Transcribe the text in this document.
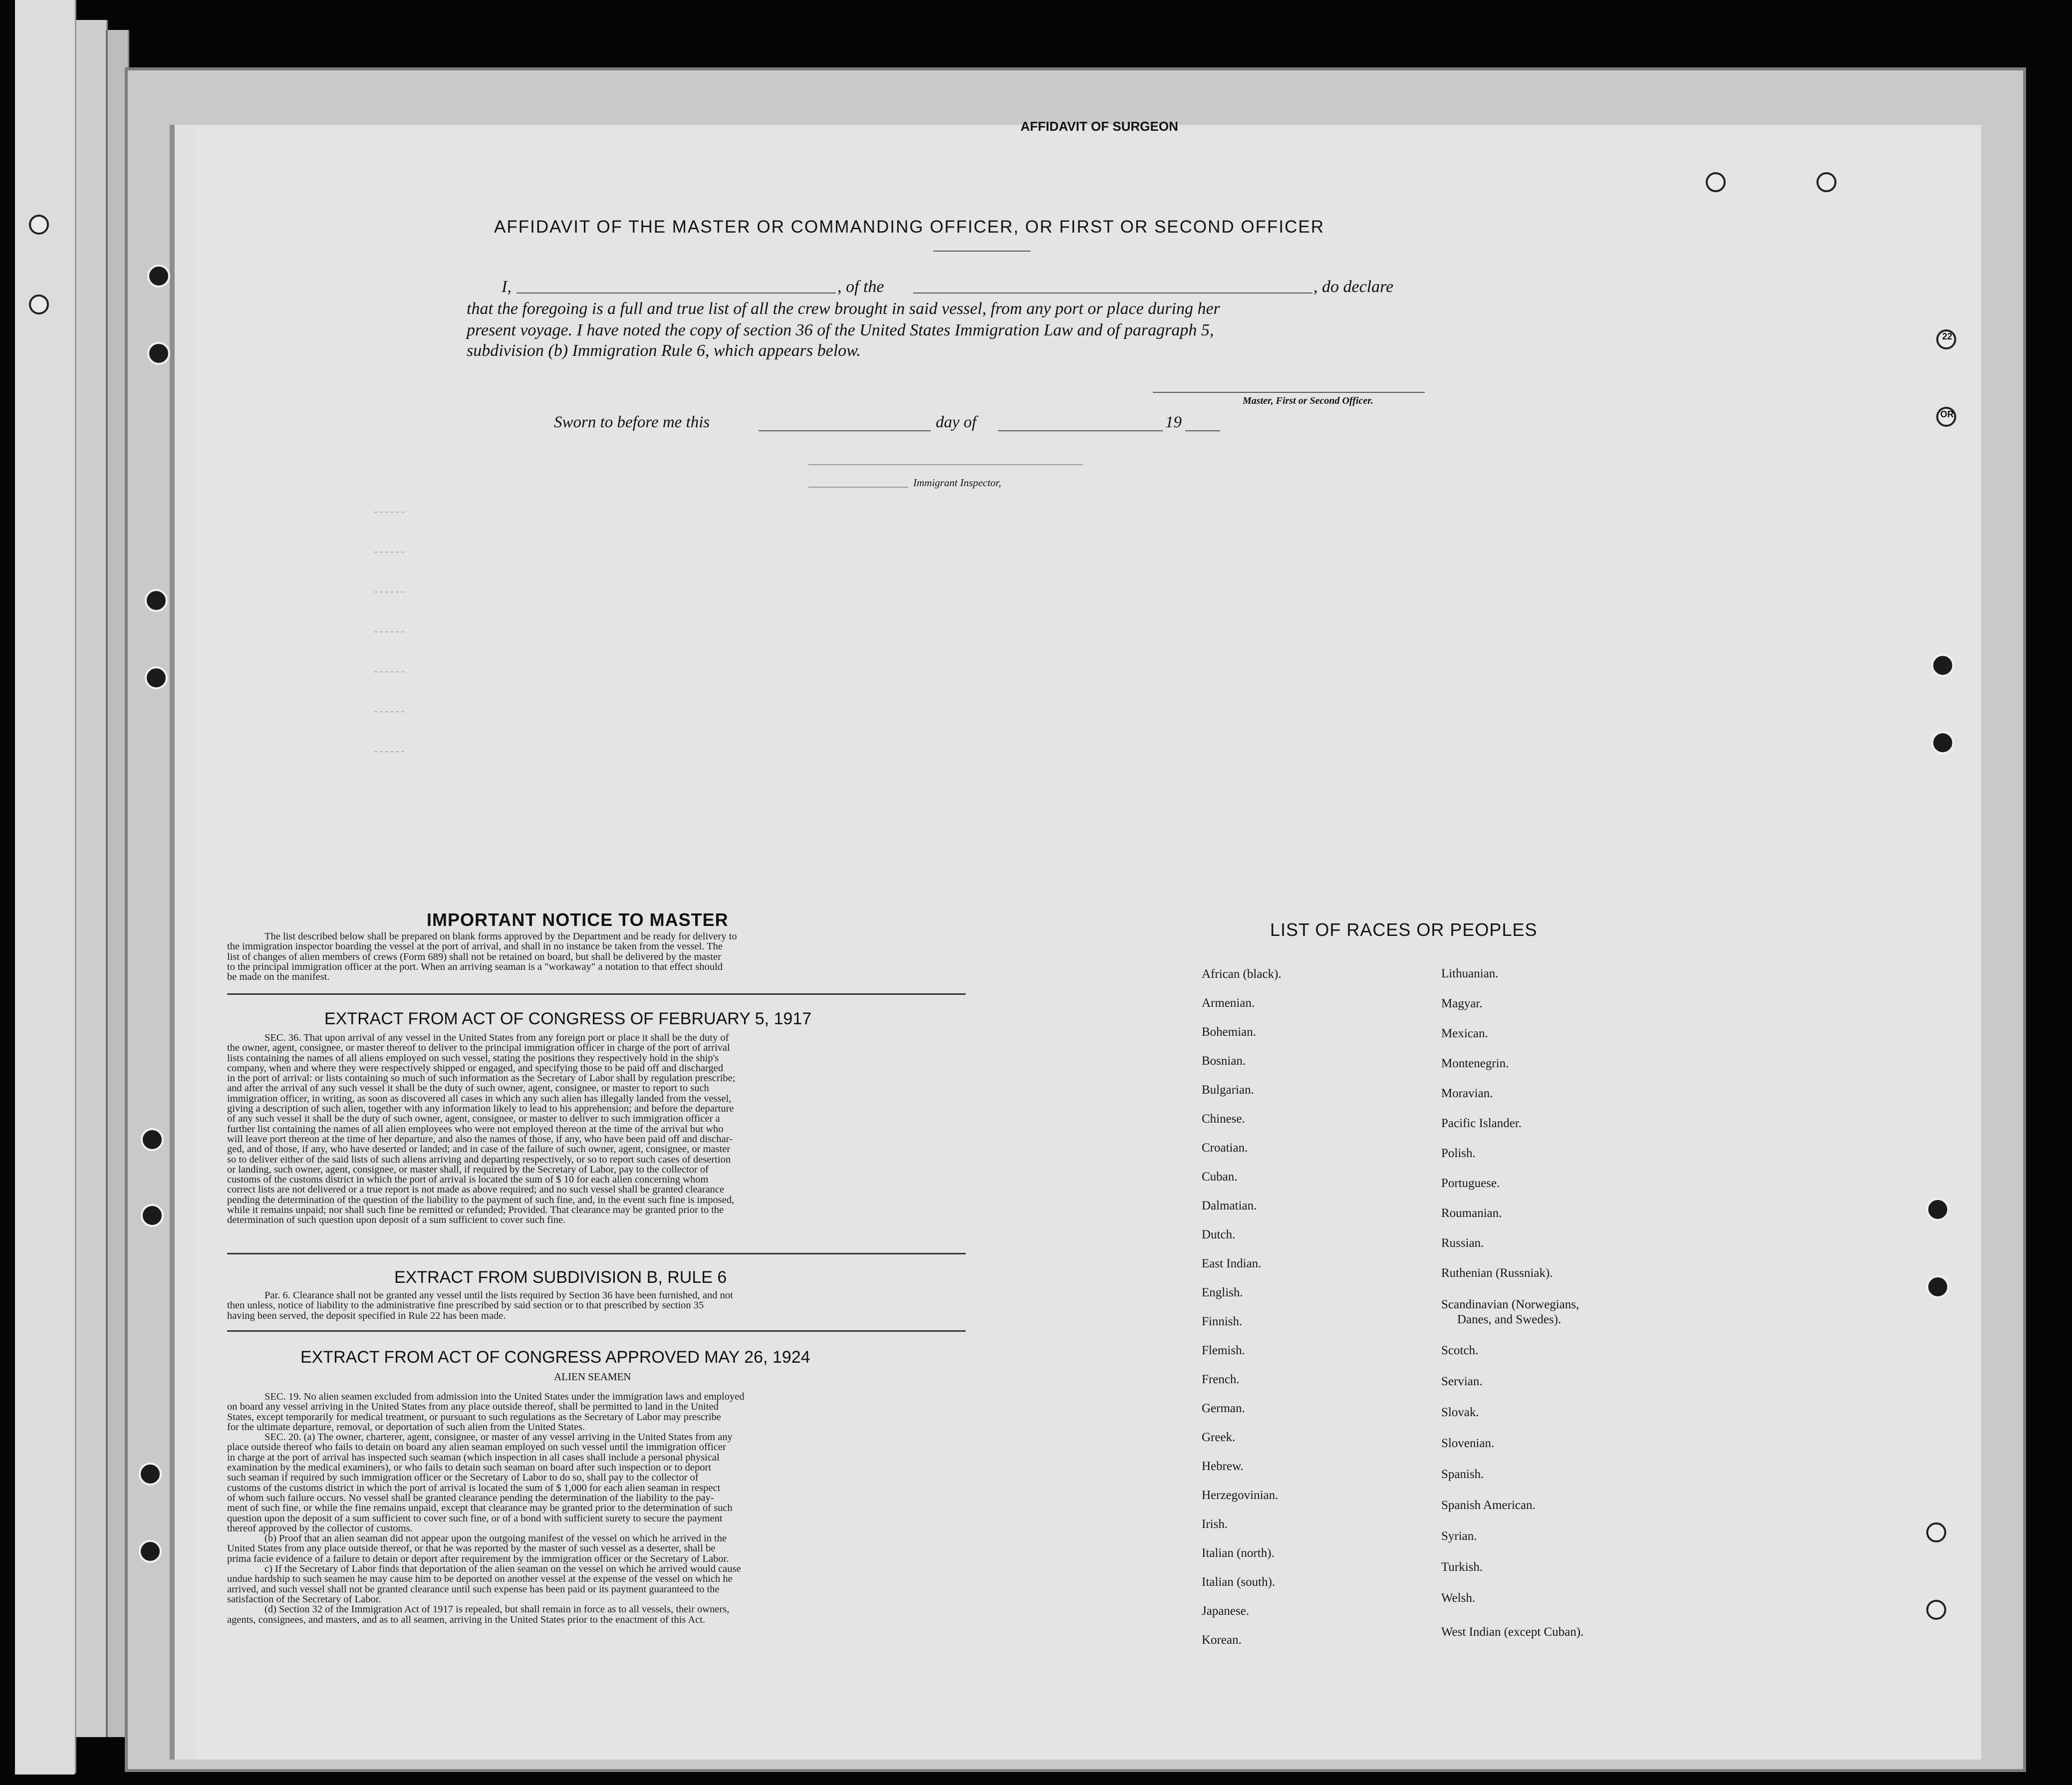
22
OR
AFFIDAVIT OF SURGEON
AFFIDAVIT OF THE MASTER OR COMMANDING OFFICER, OR FIRST OR SECOND OFFICER
I,	, of the	, do declare
that the foregoing is a full and true list of all the crew brought in said vessel, from any port or place during her
present voyage. I have noted the copy of section 36 of the United States Immigration Law and of paragraph 5,
subdivision (b) Immigration Rule 6, which appears below.
Master, First or Second Officer.
Sworn to before me this	day of	19
Immigrant Inspector,
IMPORTANT NOTICE TO MASTER
The list described below shall be prepared on blank forms approved by the Department and be ready for delivery to
the immigration inspector boarding the vessel at the port of arrival, and shall in no instance be taken from the vessel. The
list of changes of alien members of crews (Form 689) shall not be retained on board, but shall be delivered by the master
to the principal immigration officer at the port. When an arriving seaman is a "workaway" a notation to that effect should
be made on the manifest.
EXTRACT FROM ACT OF CONGRESS OF FEBRUARY 5, 1917
SEC. 36. That upon arrival of any vessel in the United States from any foreign port or place it shall be the duty of
the owner, agent, consignee, or master thereof to deliver to the principal immigration officer in charge of the port of arrival
lists containing the names of all aliens employed on such vessel, stating the positions they respectively hold in the ship's
company, when and where they were respectively shipped or engaged, and specifying those to be paid off and discharged
in the port of arrival: or lists containing so much of such information as the Secretary of Labor shall by regulation prescribe;
and after the arrival of any such vessel it shall be the duty of such owner, agent, consignee, or master to report to such
immigration officer, in writing, as soon as discovered all cases in which any such alien has illegally landed from the vessel,
giving a description of such alien, together with any information likely to lead to his apprehension; and before the departure
of any such vessel it shall be the duty of such owner, agent, consignee, or master to deliver to such immigration officer a
further list containing the names of all alien employees who were not employed thereon at the time of the arrival but who
will leave port thereon at the time of her departure, and also the names of those, if any, who have been paid off and dischar-
ged, and of those, if any, who have deserted or landed; and in case of the failure of such owner, agent, consignee, or master
so to deliver either of the said lists of such aliens arriving and departing respectively, or so to report such cases of desertion
or landing, such owner, agent, consignee, or master shall, if required by the Secretary of Labor, pay to the collector of
customs of the customs district in which the port of arrival is located the sum of $ 10 for each alien concerning whom
correct lists are not delivered or a true report is not made as above required; and no such vessel shall be granted clearance
pending the determination of the question of the liability to the payment of such fine, and, in the event such fine is imposed,
while it remains unpaid; nor shall such fine be remitted or refunded; Provided. That clearance may be granted prior to the
determination of such question upon deposit of a sum sufficient to cover such fine.
EXTRACT FROM SUBDIVISION B, RULE 6
Par. 6. Clearance shall not be granted any vessel until the lists required by Section 36 have been furnished, and not
then unless, notice of liability to the administrative fine prescribed by said section or to that prescribed by section 35
having been served, the deposit specified in Rule 22 has been made.
EXTRACT FROM ACT OF CONGRESS APPROVED MAY 26, 1924
ALIEN SEAMEN
SEC. 19. No alien seamen excluded from admission into the United States under the immigration laws and employed
on board any vessel arriving in the United States from any place outside thereof, shall be permitted to land in the United
States, except temporarily for medical treatment, or pursuant to such regulations as the Secretary of Labor may prescribe
for the ultimate departure, removal, or deportation of such alien from the United States.
SEC. 20. (a) The owner, charterer, agent, consignee, or master of any vessel arriving in the United States from any
place outside thereof who fails to detain on board any alien seaman employed on such vessel until the immigration officer
in charge at the port of arrival has inspected such seaman (which inspection in all cases shall include a personal physical
examination by the medical examiners), or who fails to detain such seaman on board after such inspection or to deport
such seaman if required by such immigration officer or the Secretary of Labor to do so, shall pay to the collector of
customs of the customs district in which the port of arrival is located the sum of $ 1,000 for each alien seaman in respect
of whom such failure occurs. No vessel shall be granted clearance pending the determination of the liability to the pay-
ment of such fine, or while the fine remains unpaid, except that clearance may be granted prior to the determination of such
question upon the deposit of a sum sufficient to cover such fine, or of a bond with sufficient surety to secure the payment
thereof approved by the collector of customs.
(b) Proof that an alien seaman did not appear upon the outgoing manifest of the vessel on which he arrived in the
United States from any place outside thereof, or that he was reported by the master of such vessel as a deserter, shall be
prima facie evidence of a failure to detain or deport after requirement by the immigration officer or the Secretary of Labor.
c) If the Secretary of Labor finds that deportation of the alien seaman on the vessel on which he arrived would cause
undue hardship to such seamen he may cause him to be deported on another vessel at the expense of the vessel on which he
arrived, and such vessel shall not be granted clearance until such expense has been paid or its payment guaranteed to the
satisfaction of the Secretary of Labor.
(d) Section 32 of the Immigration Act of 1917 is repealed, but shall remain in force as to all vessels, their owners,
agents, consignees, and masters, and as to all seamen, arriving in the United States prior to the enactment of this Act.
LIST OF RACES OR PEOPLES
African (black).
Armenian.
Bohemian.
Bosnian.
Bulgarian.
Chinese.
Croatian.
Cuban.
Dalmatian.
Dutch.
East Indian.
English.
Finnish.
Flemish.
French.
German.
Greek.
Hebrew.
Herzegovinian.
Irish.
Italian (north).
Italian (south).
Japanese.
Korean.
Lithuanian.
Magyar.
Mexican.
Montenegrin.
Moravian.
Pacific Islander.
Polish.
Portuguese.
Roumanian.
Russian.
Ruthenian (Russniak).
Scandinavian (Norwegians,
Danes, and Swedes).
Scotch.
Servian.
Slovak.
Slovenian.
Spanish.
Spanish American.
Syrian.
Turkish.
Welsh.
West Indian (except Cuban).
